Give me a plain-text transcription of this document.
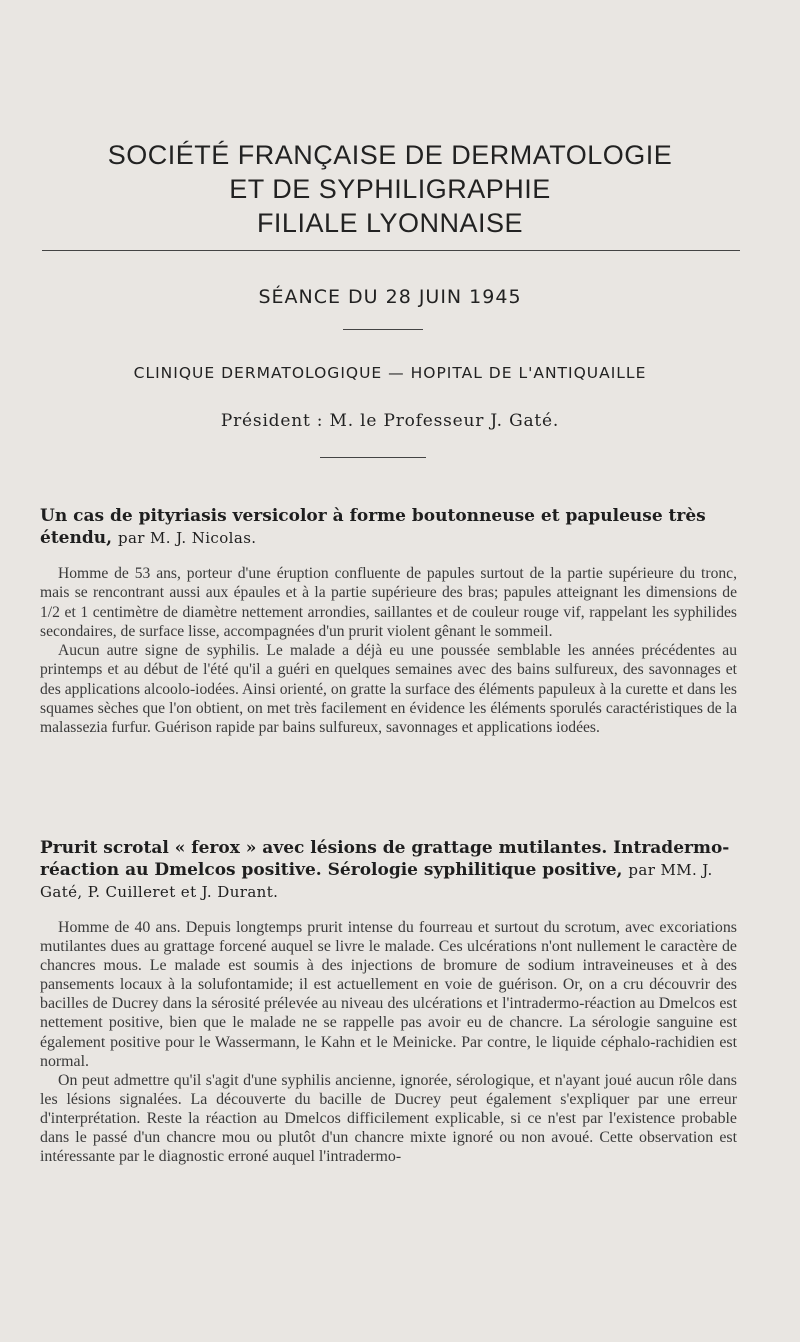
SOCIÉTÉ FRANÇAISE DE DERMATOLOGIE
ET DE SYPHILIGRAPHIE
FILIALE LYONNAISE
SÉANCE DU 28 JUIN 1945
CLINIQUE DERMATOLOGIQUE — HOPITAL DE L'ANTIQUAILLE
Président : M. le Professeur J. Gaté.
Un cas de pityriasis versicolor à forme boutonneuse et papuleuse très étendu, par M. J. Nicolas.

Homme de 53 ans, porteur d'une éruption confluente de papules surtout de la partie supérieure du tronc, mais se rencontrant aussi aux épaules et à la partie supérieure des bras; papules atteignant les dimensions de 1/2 et 1 centimètre de diamètre nettement arrondies, saillantes et de couleur rouge vif, rappelant les syphilides secondaires, de surface lisse, accompagnées d'un prurit violent gênant le sommeil.

Aucun autre signe de syphilis. Le malade a déjà eu une poussée semblable les années précédentes au printemps et au début de l'été qu'il a guéri en quelques semaines avec des bains sulfureux, des savonnages et des applications alcoolo-iodées. Ainsi orienté, on gratte la surface des éléments papuleux à la curette et dans les squames sèches que l'on obtient, on met très facilement en évidence les éléments sporulés caractéristiques de la malassezia furfur. Guérison rapide par bains sulfureux, savonnages et applications iodées.

Prurit scrotal « ferox » avec lésions de grattage mutilantes. Intradermo-réaction au Dmelcos positive. Sérologie syphilitique positive, par MM. J. Gaté, P. Cuilleret et J. Durant.

Homme de 40 ans. Depuis longtemps prurit intense du fourreau et surtout du scrotum, avec excoriations mutilantes dues au grattage forcené auquel se livre le malade. Ces ulcérations n'ont nullement le caractère de chancres mous. Le malade est soumis à des injections de bromure de sodium intraveineuses et à des pansements locaux à la solufontamide; il est actuellement en voie de guérison. Or, on a cru découvrir des bacilles de Ducrey dans la sérosité prélevée au niveau des ulcérations et l'intradermo-réaction au Dmelcos est nettement positive, bien que le malade ne se rappelle pas avoir eu de chancre. La sérologie sanguine est également positive pour le Wassermann, le Kahn et le Meinicke. Par contre, le liquide céphalo-rachidien est normal.

On peut admettre qu'il s'agit d'une syphilis ancienne, ignorée, sérologique, et n'ayant joué aucun rôle dans les lésions signalées. La découverte du bacille de Ducrey peut également s'expliquer par une erreur d'interprétation. Reste la réaction au Dmelcos difficilement explicable, si ce n'est par l'existence probable dans le passé d'un chancre mou ou plutôt d'un chancre mixte ignoré ou non avoué. Cette observation est intéressante par le diagnostic erroné auquel l'intradermo-
